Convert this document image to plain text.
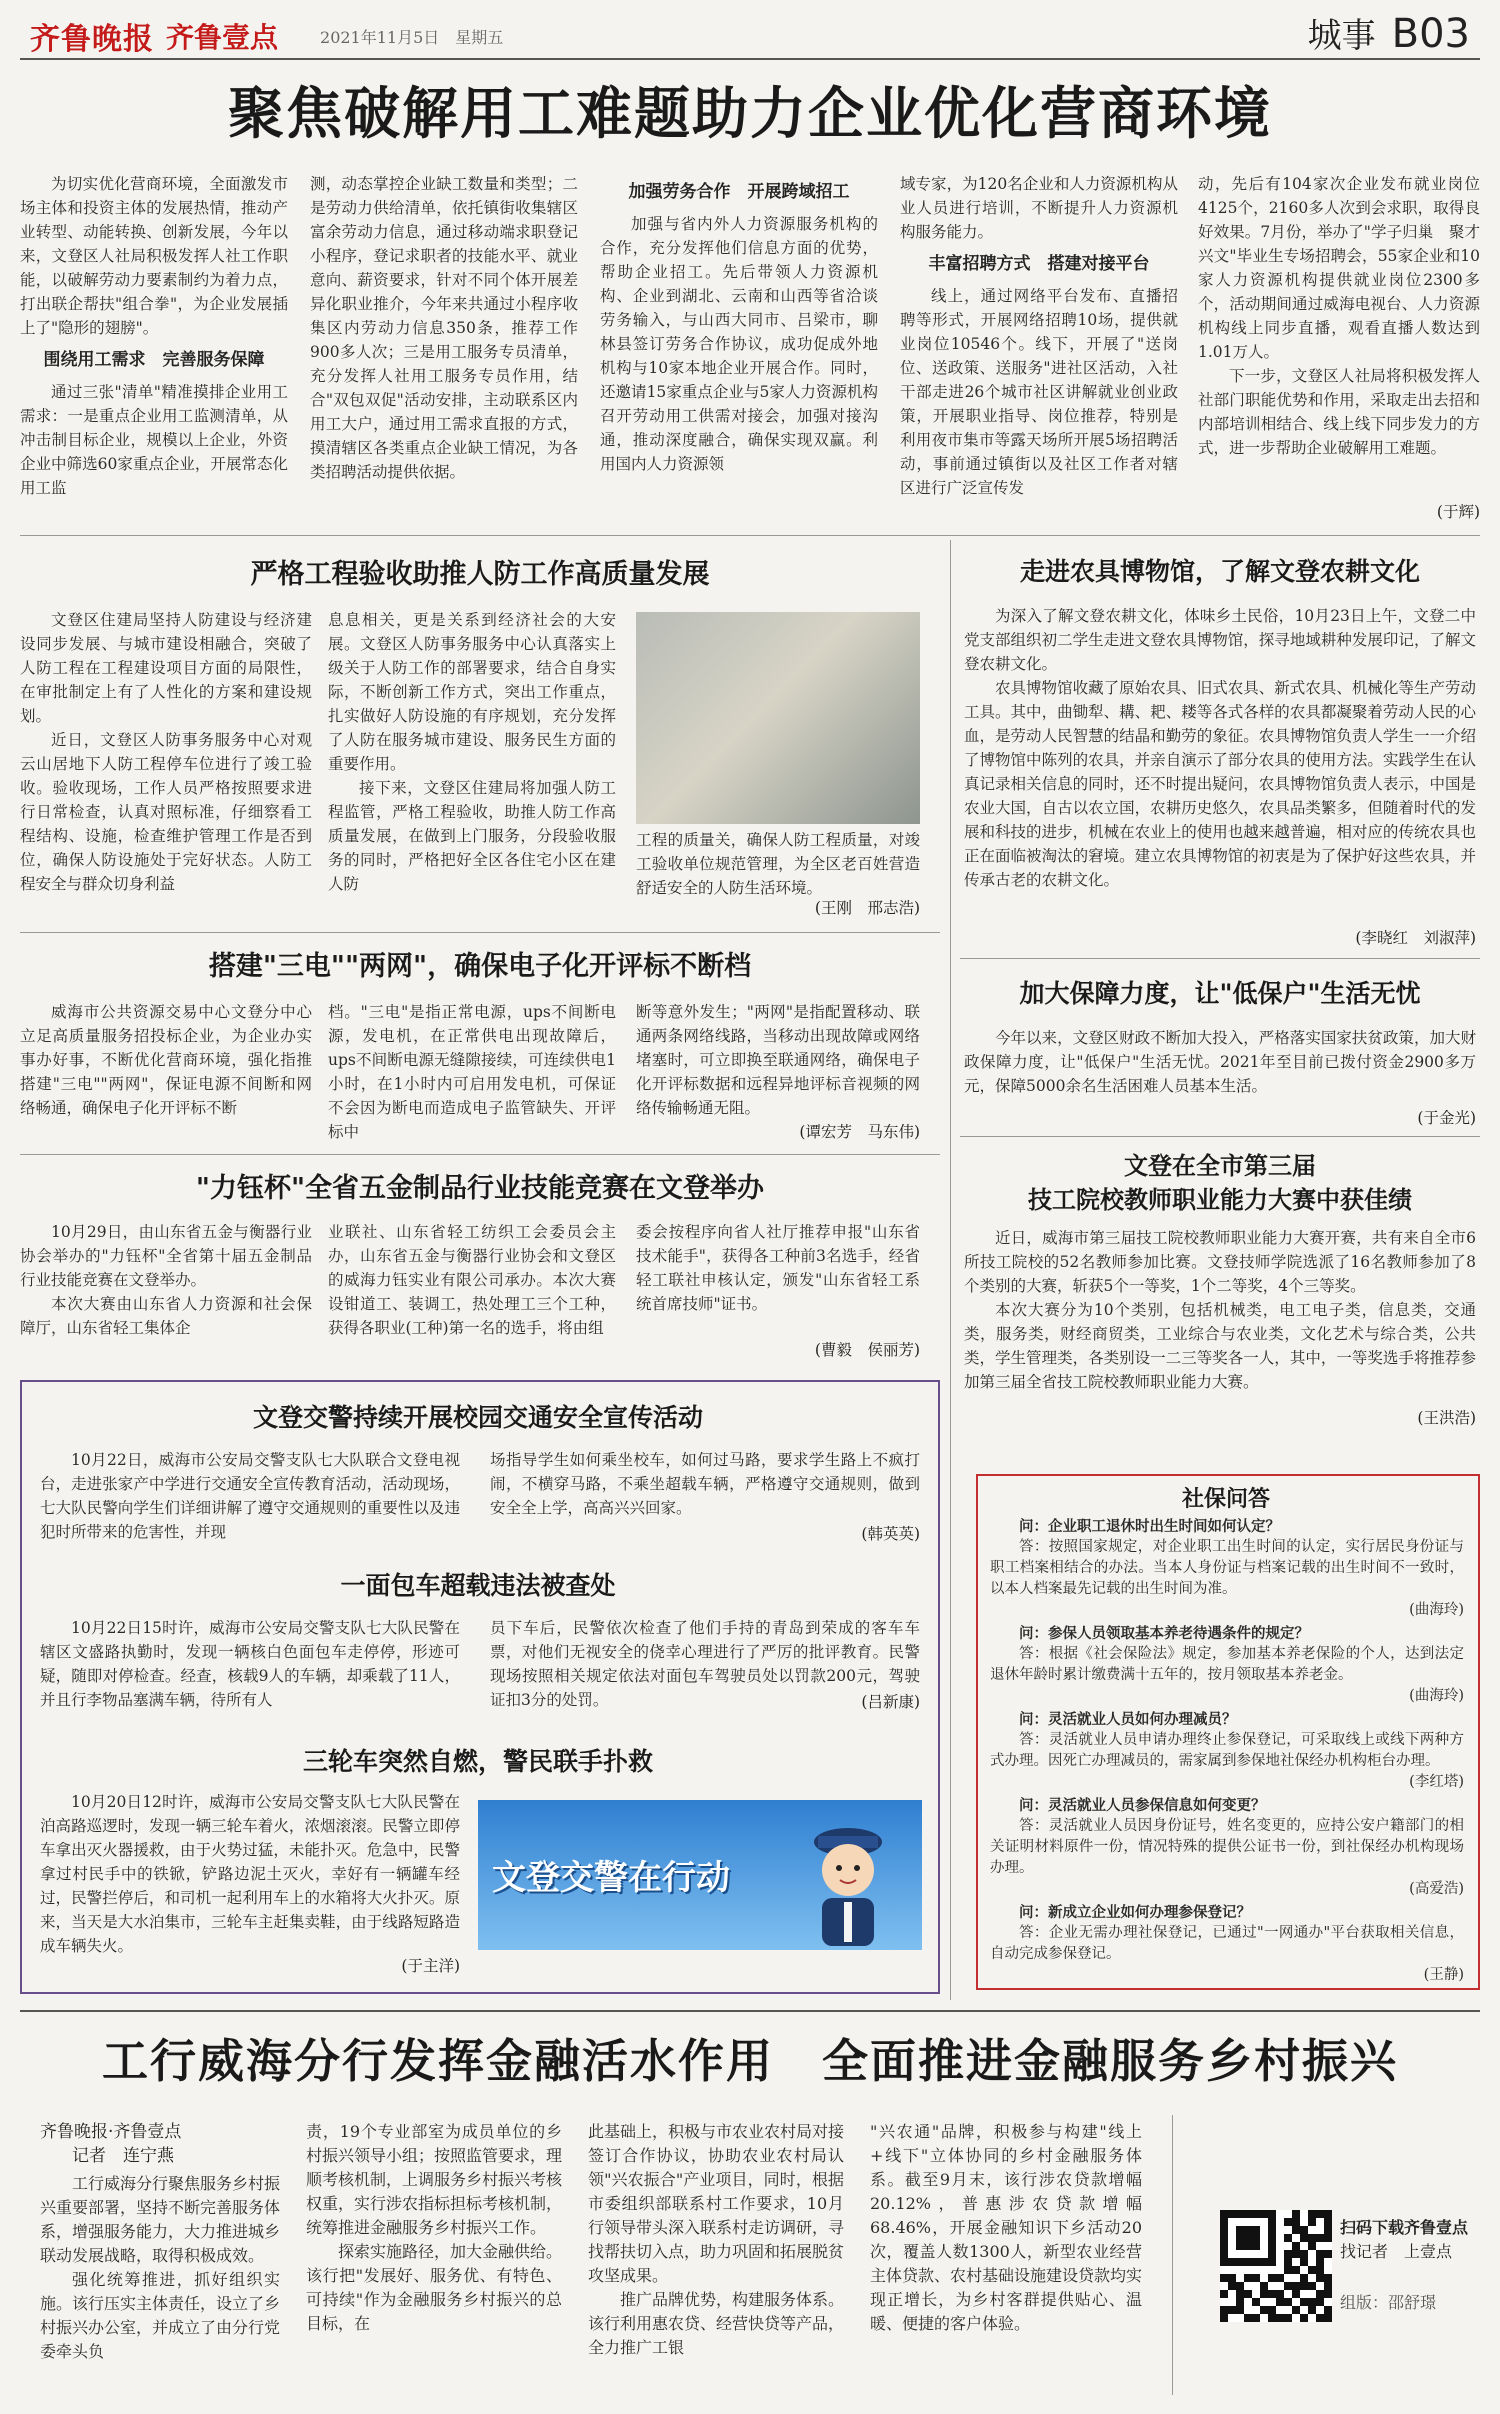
齐鲁晚报 齐鲁壹点	2021年11月5日　星期五	城事 B03
聚焦破解用工难题助力企业优化营商环境

为切实优化营商环境，全面激发市场主体和投资主体的发展热情，推动产业转型、动能转换、创新发展，今年以来，文登区人社局积极发挥人社工作职能，以破解劳动力要素制约为着力点，打出联企帮扶"组合拳"，为企业发展插上了"隐形的翅膀"。

围绕用工需求　完善服务保障

通过三张"清单"精准摸排企业用工需求：一是重点企业用工监测清单，从冲击制目标企业，规模以上企业，外资企业中筛选60家重点企业，开展常态化用工监

测，动态掌控企业缺工数量和类型；二是劳动力供给清单，依托镇街收集辖区富余劳动力信息，通过移动端求职登记小程序，登记求职者的技能水平、就业意向、薪资要求，针对不同个体开展差异化职业推介，今年来共通过小程序收集区内劳动力信息350条，推荐工作900多人次；三是用工服务专员清单，充分发挥人社用工服务专员作用，结合"双包双促"活动安排，主动联系区内用工大户，通过用工需求直报的方式，摸清辖区各类重点企业缺工情况，为各类招聘活动提供依据。

加强劳务合作　开展跨域招工

加强与省内外人力资源服务机构的合作，充分发挥他们信息方面的优势，帮助企业招工。先后带领人力资源机构、企业到湖北、云南和山西等省洽谈劳务输入，与山西大同市、吕梁市，聊林县签订劳务合作协议，成功促成外地机构与10家本地企业开展合作。同时，还邀请15家重点企业与5家人力资源机构召开劳动用工供需对接会，加强对接沟通，推动深度融合，确保实现双赢。利用国内人力资源领

域专家，为120名企业和人力资源机构从业人员进行培训，不断提升人力资源机构服务能力。

丰富招聘方式　搭建对接平台

线上，通过网络平台发布、直播招聘等形式，开展网络招聘10场，提供就业岗位10546个。线下，开展了"送岗位、送政策、送服务"进社区活动，入社干部走进26个城市社区讲解就业创业政策，开展职业指导、岗位推荐，特别是利用夜市集市等露天场所开展5场招聘活动，事前通过镇街以及社区工作者对辖区进行广泛宣传发

动，先后有104家次企业发布就业岗位4125个，2160多人次到会求职，取得良好效果。7月份，举办了"学子归巢　聚才兴文"毕业生专场招聘会，55家企业和10家人力资源机构提供就业岗位2300多个，活动期间通过威海电视台、人力资源机构线上同步直播，观看直播人数达到1.01万人。

下一步，文登区人社局将积极发挥人社部门职能优势和作用，采取走出去招和内部培训相结合、线上线下同步发力的方式，进一步帮助企业破解用工难题。

(于辉)
严格工程验收助推人防工作高质量发展

文登区住建局坚持人防建设与经济建设同步发展、与城市建设相融合，突破了人防工程在工程建设项目方面的局限性，在审批制定上有了人性化的方案和建设规划。

近日，文登区人防事务服务中心对观云山居地下人防工程停车位进行了竣工验收。验收现场，工作人员严格按照要求进行日常检查，认真对照标准，仔细察看工程结构、设施，检查维护管理工作是否到位，确保人防设施处于完好状态。人防工程安全与群众切身利益

息息相关，更是关系到经济社会的大安展。文登区人防事务服务中心认真落实上级关于人防工作的部署要求，结合自身实际，不断创新工作方式，突出工作重点，扎实做好人防设施的有序规划，充分发挥了人防在服务城市建设、服务民生方面的重要作用。

接下来，文登区住建局将加强人防工程监管，严格工程验收，助推人防工作高质量发展，在做到上门服务，分段验收服务的同时，严格把好全区各住宅小区在建人防

工程的质量关，确保人防工程质量，对竣工验收单位规范管理，为全区老百姓营造舒适安全的人防生活环境。

(王刚　邢志浩)
搭建"三电""两网"，确保电子化开评标不断档

威海市公共资源交易中心文登分中心立足高质量服务招投标企业，为企业办实事办好事，不断优化营商环境，强化指推搭建"三电""两网"，保证电源不间断和网络畅通，确保电子化开评标不断

档。"三电"是指正常电源，ups不间断电源，发电机，在正常供电出现故障后，ups不间断电源无缝隙接续，可连续供电1小时，在1小时内可启用发电机，可保证不会因为断电而造成电子监管缺失、开评标中

断等意外发生；"两网"是指配置移动、联通两条网络线路，当移动出现故障或网络堵塞时，可立即换至联通网络，确保电子化开评标数据和远程异地评标音视频的网络传输畅通无阻。

(谭宏芳　马东伟)
"力钰杯"全省五金制品行业技能竞赛在文登举办

10月29日，由山东省五金与衡器行业协会举办的"力钰杯"全省第十届五金制品行业技能竞赛在文登举办。

本次大赛由山东省人力资源和社会保障厅，山东省轻工集体企

业联社、山东省轻工纺织工会委员会主办，山东省五金与衡器行业协会和文登区的威海力钰实业有限公司承办。本次大赛设钳道工、装调工，热处理工三个工种，获得各职业(工种)第一名的选手，将由组

委会按程序向省人社厅推荐申报"山东省技术能手"，获得各工种前3名选手，经省轻工联社申核认定，颁发"山东省轻工系统首席技师"证书。

(曹毅　侯丽芳)
文登交警持续开展校园交通安全宣传活动

10月22日，威海市公安局交警支队七大队联合文登电视台，走进张家产中学进行交通安全宣传教育活动，活动现场，七大队民警向学生们详细讲解了遵守交通规则的重要性以及违犯时所带来的危害性，并现

场指导学生如何乘坐校车，如何过马路，要求学生路上不疯打闹，不横穿马路，不乘坐超载车辆，严格遵守交通规则，做到安全全上学，高高兴兴回家。

(韩英英)
一面包车超载违法被查处

10月22日15时许，威海市公安局交警支队七大队民警在辖区文盛路执勤时，发现一辆核白色面包车走停停，形迹可疑，随即对停检查。经查，核载9人的车辆，却乘载了11人，并且行李物品塞满车辆，待所有人

员下车后，民警依次检查了他们手持的青岛到荣成的客车车票，对他们无视安全的侥幸心理进行了严厉的批评教育。民警现场按照相关规定依法对面包车驾驶员处以罚款200元，驾驶证扣3分的处罚。	(吕新康)
三轮车突然自燃，警民联手扑救

10月20日12时许，威海市公安局交警支队七大队民警在泊高路巡逻时，发现一辆三轮车着火，浓烟滚滚。民警立即停车拿出灭火器援救，由于火势过猛，未能扑灭。危急中，民警拿过村民手中的铁锨，铲路边泥土灭火，幸好有一辆罐车经过，民警拦停后，和司机一起利用车上的水箱将大火扑灭。原来，当天是大水泊集市，三轮车主赶集卖鞋，由于线路短路造成车辆失火。

(于主洋)
文登交警在行动
走进农具博物馆，了解文登农耕文化

为深入了解文登农耕文化，体味乡土民俗，10月23日上午，文登二中党支部组织初二学生走进文登农具博物馆，探寻地域耕种发展印记，了解文登农耕文化。

农具博物馆收藏了原始农具、旧式农具、新式农具、机械化等生产劳动工具。其中，曲锄犁、耩、耙、耧等各式各样的农具都凝聚着劳动人民的心血，是劳动人民智慧的结晶和勤劳的象征。农具博物馆负责人学生一一介绍了博物馆中陈列的农具，并亲自演示了部分农具的使用方法。实践学生在认真记录相关信息的同时，还不时提出疑问，农具博物馆负责人表示，中国是农业大国，自古以农立国，农耕历史悠久，农具品类繁多，但随着时代的发展和科技的进步，机械在农业上的使用也越来越普遍，相对应的传统农具也正在面临被淘汰的窘境。建立农具博物馆的初衷是为了保护好这些农具，并传承古老的农耕文化。

(李晓红　刘淑萍)
加大保障力度，让"低保户"生活无忧

今年以来，文登区财政不断加大投入，严格落实国家扶贫政策，加大财政保障力度，让"低保户"生活无忧。2021年至目前已拨付资金2900多万元，保障5000余名生活困难人员基本生活。

(于金光)
文登在全市第三届
技工院校教师职业能力大赛中获佳绩

近日，威海市第三届技工院校教师职业能力大赛开赛，共有来自全市6所技工院校的52名教师参加比赛。文登技师学院选派了16名教师参加了8个类别的大赛，斩获5个一等奖，1个二等奖，4个三等奖。

本次大赛分为10个类别，包括机械类，电工电子类，信息类，交通类，服务类，财经商贸类，工业综合与农业类，文化艺术与综合类，公共类，学生管理类，各类别设一二三等奖各一人，其中，一等奖选手将推荐参加第三届全省技工院校教师职业能力大赛。

(王洪浩)
社保问答

问：企业职工退休时出生时间如何认定？

答：按照国家规定，对企业职工出生时间的认定，实行居民身份证与职工档案相结合的办法。当本人身份证与档案记载的出生时间不一致时，以本人档案最先记载的出生时间为准。

(曲海玲)

问：参保人员领取基本养老待遇条件的规定？

答：根据《社会保险法》规定，参加基本养老保险的个人，达到法定退休年龄时累计缴费满十五年的，按月领取基本养老金。

(曲海玲)

问：灵活就业人员如何办理减员？

答：灵活就业人员申请办理终止参保登记，可采取线上或线下两种方式办理。因死亡办理减员的，需家属到参保地社保经办机构柜台办理。

(李红塔)

问：灵活就业人员参保信息如何变更？

答：灵活就业人员因身份证号，姓名变更的，应持公安户籍部门的相关证明材料原件一份，情况特殊的提供公证书一份，到社保经办机构现场办理。

(高爱浩)

问：新成立企业如何办理参保登记？

答：企业无需办理社保登记，已通过"一网通办"平台获取相关信息，自动完成参保登记。

(王静)
工行威海分行发挥金融活水作用　全面推进金融服务乡村振兴
齐鲁晚报·齐鲁壹点
记者　连宁燕

工行威海分行聚焦服务乡村振兴重要部署，坚持不断完善服务体系，增强服务能力，大力推进城乡联动发展战略，取得积极成效。

强化统筹推进，抓好组织实施。该行压实主体责任，设立了乡村振兴办公室，并成立了由分行党委牵头负

责，19个专业部室为成员单位的乡村振兴领导小组；按照监管要求，理顺考核机制，上调服务乡村振兴考核权重，实行涉农指标担标考核机制，统筹推进金融服务乡村振兴工作。

探索实施路径，加大金融供给。该行把"发展好、服务优、有特色、可持续"作为金融服务乡村振兴的总目标，在

此基础上，积极与市农业农村局对接签订合作协议，协助农业农村局认领"兴农振合"产业项目，同时，根据市委组织部联系村工作要求，10月行领导带头深入联系村走访调研，寻找帮扶切入点，助力巩固和拓展脱贫攻坚成果。

推广品牌优势，构建服务体系。该行利用惠农贷、经营快贷等产品，全力推广工银

"兴农通"品牌，积极参与构建"线上+线下"立体协同的乡村金融服务体系。截至9月末，该行涉农贷款增幅20.12%，普惠涉农贷款增幅68.46%，开展金融知识下乡活动20次，覆盖人数1300人，新型农业经营主体贷款、农村基础设施建设贷款均实现正增长，为乡村客群提供贴心、温暖、便捷的客户体验。

扫码下载齐鲁壹点
找记者　上壹点
组版：邵舒璟
